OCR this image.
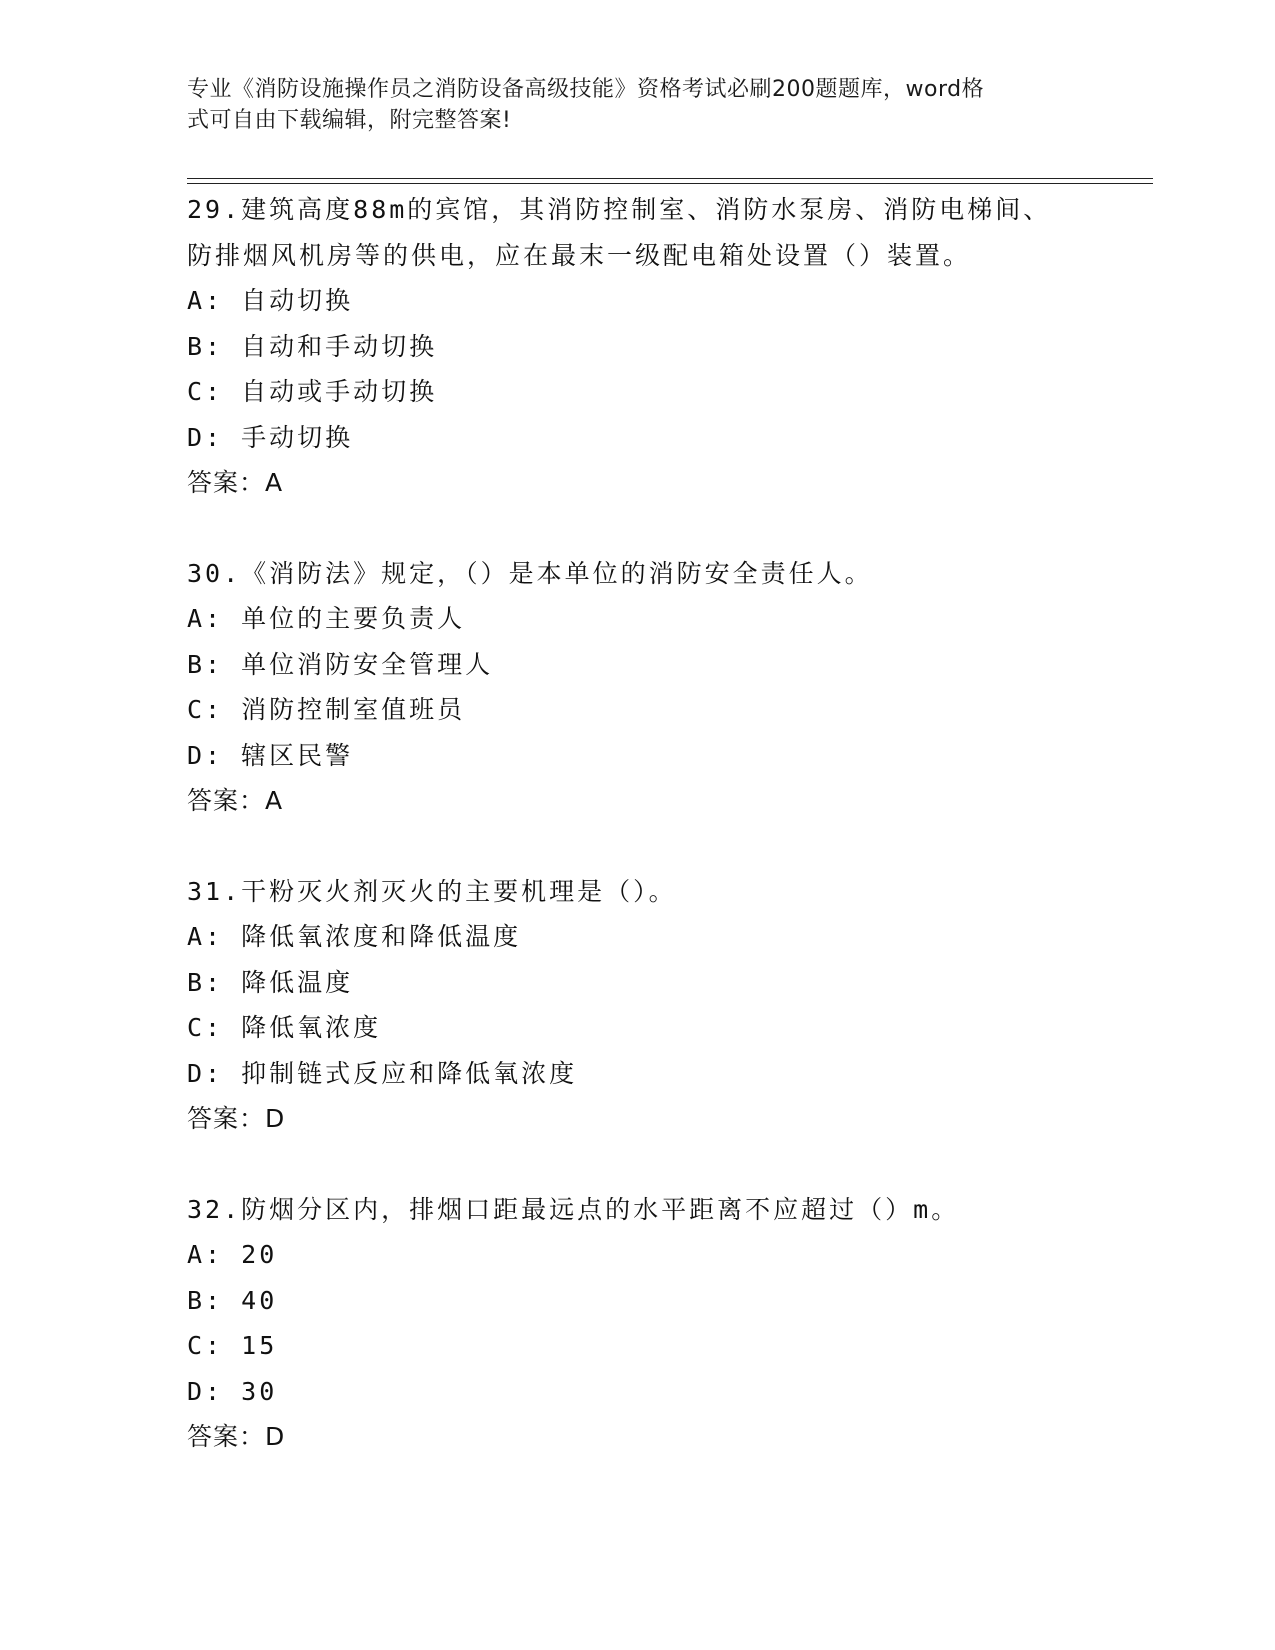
专业《消防设施操作员之消防设备高级技能》资格考试必刷200题题库，word格
式可自由下载编辑，附完整答案!
29.建筑高度88m的宾馆，其消防控制室、消防水泵房、消防电梯间、
防排烟风机房等的供电，应在最末一级配电箱处设置（）装置。
A: 自动切换
B: 自动和手动切换
C: 自动或手动切换
D: 手动切换
答案：A
30.《消防法》规定，（）是本单位的消防安全责任人。
A: 单位的主要负责人
B: 单位消防安全管理人
C: 消防控制室值班员
D: 辖区民警
答案：A
31.干粉灭火剂灭火的主要机理是（）。
A: 降低氧浓度和降低温度
B: 降低温度
C: 降低氧浓度
D: 抑制链式反应和降低氧浓度
答案：D
32.防烟分区内，排烟口距最远点的水平距离不应超过（）m。
A: 20
B: 40
C: 15
D: 30
答案：D
